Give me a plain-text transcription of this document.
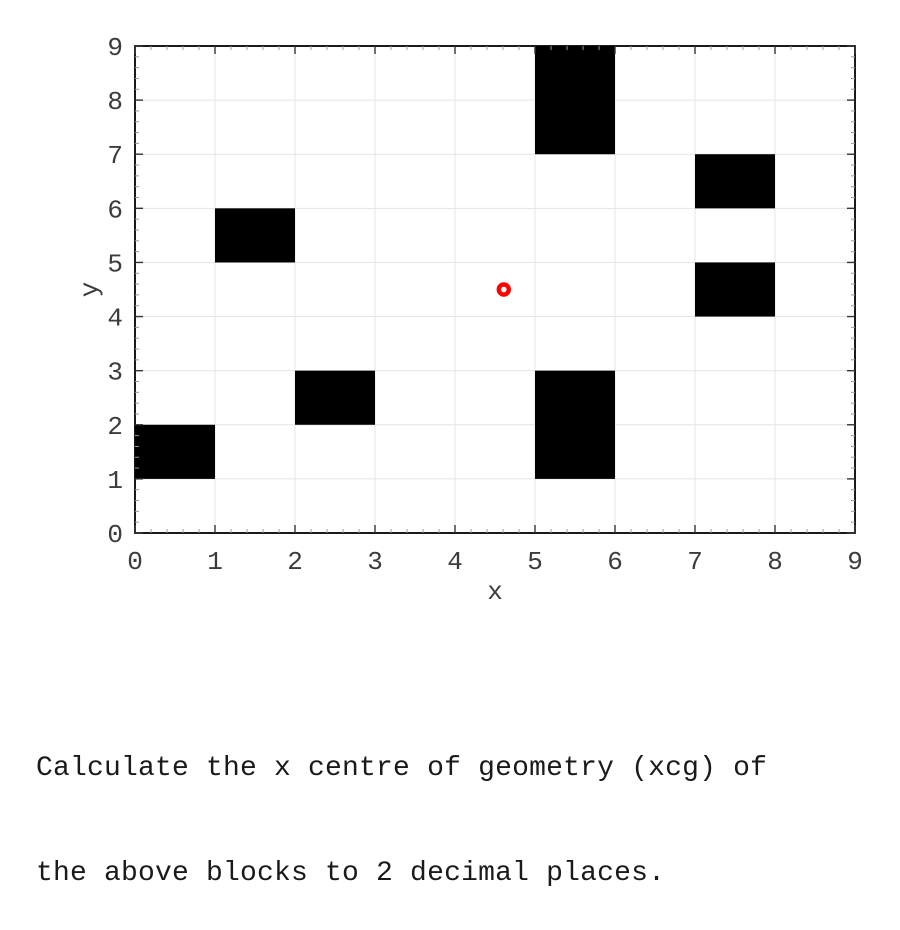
0 1 2 3 4 5 6 7 8 9
0
1
2
3
4
5
6
7
8
9
x
y

Calculate the x centre of geometry (xcg) of

the above blocks to 2 decimal places.
